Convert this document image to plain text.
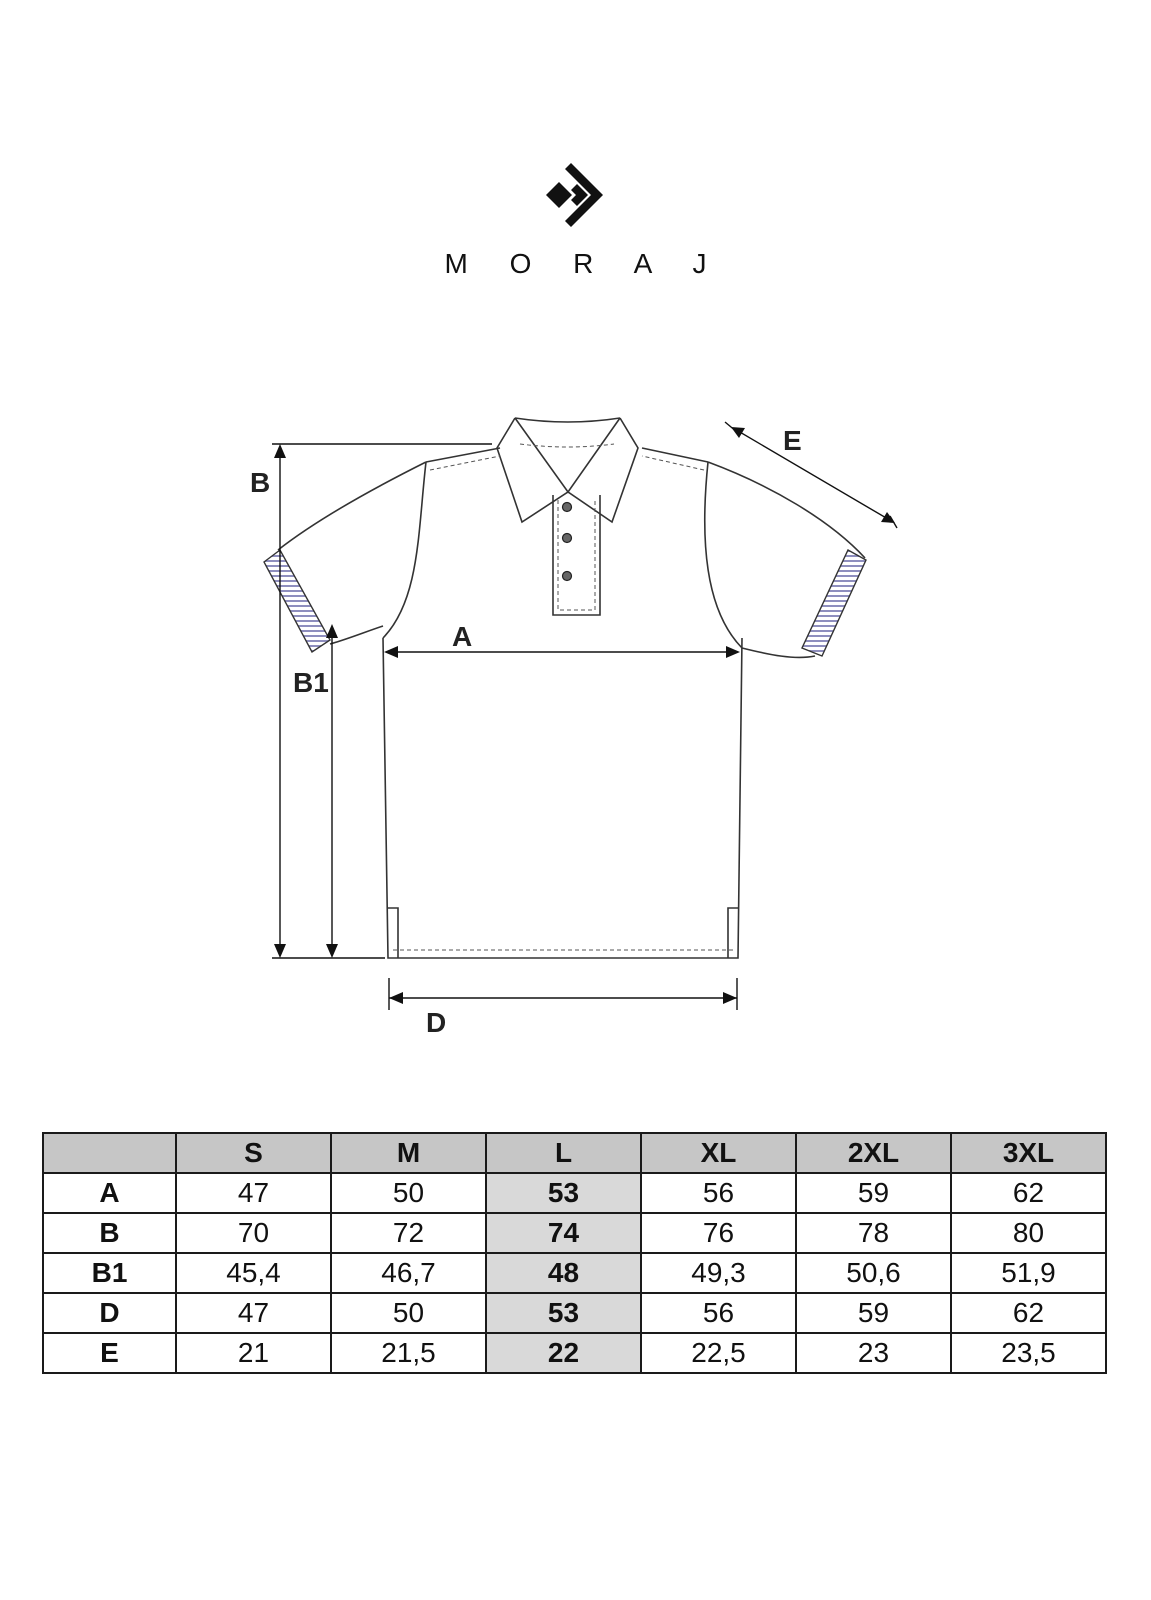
M O R A J
B
B1
A
D
E
	S	M	L	XL	2XL	3XL
A	47	50	53	56	59	62
B	70	72	74	76	78	80
B1	45,4	46,7	48	49,3	50,6	51,9
D	47	50	53	56	59	62
E	21	21,5	22	22,5	23	23,5
